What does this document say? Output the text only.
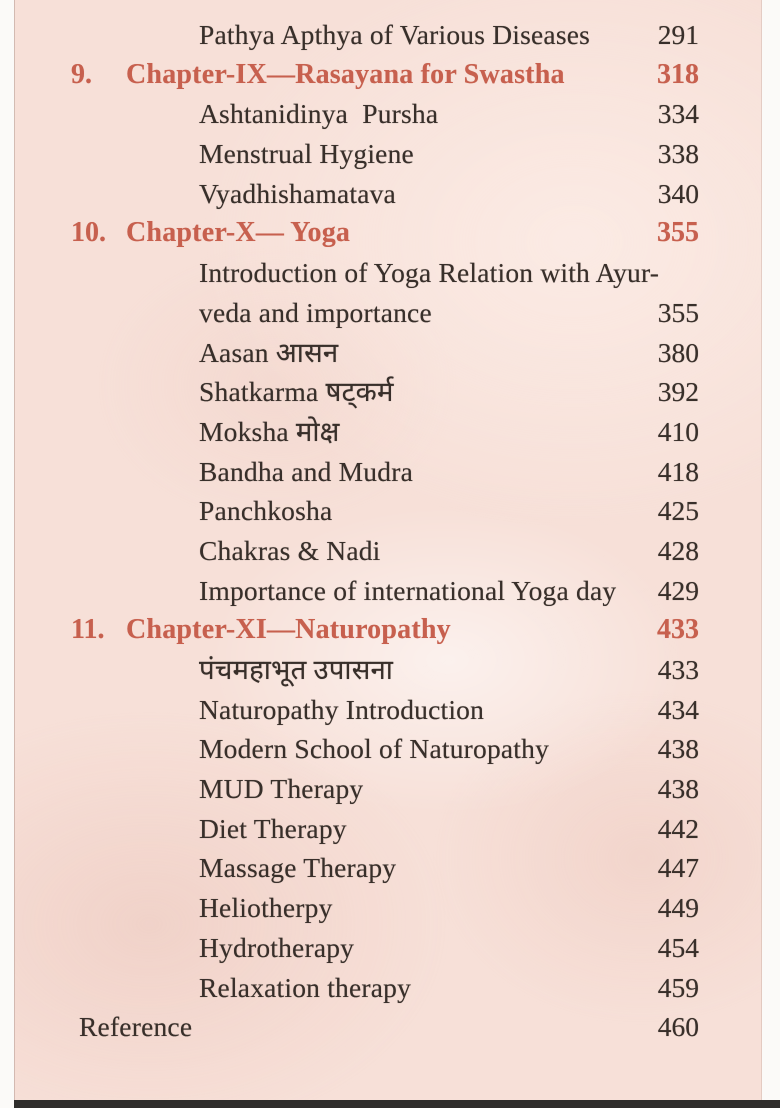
Pathya Apthya of Various Diseases	291
9. Chapter-IX—Rasayana for Swastha	318
Ashtanidinya  Pursha	334
Menstrual Hygiene	338
Vyadhishamatava	340
10. Chapter-X— Yoga	355
Introduction of Yoga Relation with Ayur-
veda and importance	355
Aasan आसन	380
Shatkarma षट्कर्म	392
Moksha मोक्ष	410
Bandha and Mudra	418
Panchkosha	425
Chakras & Nadi	428
Importance of international Yoga day	429
11. Chapter-XI—Naturopathy	433
पंचमहाभूत उपासना	433
Naturopathy Introduction	434
Modern School of Naturopathy	438
MUD Therapy	438
Diet Therapy	442
Massage Therapy	447
Heliotherpy	449
Hydrotherapy	454
Relaxation therapy	459
Reference	460
